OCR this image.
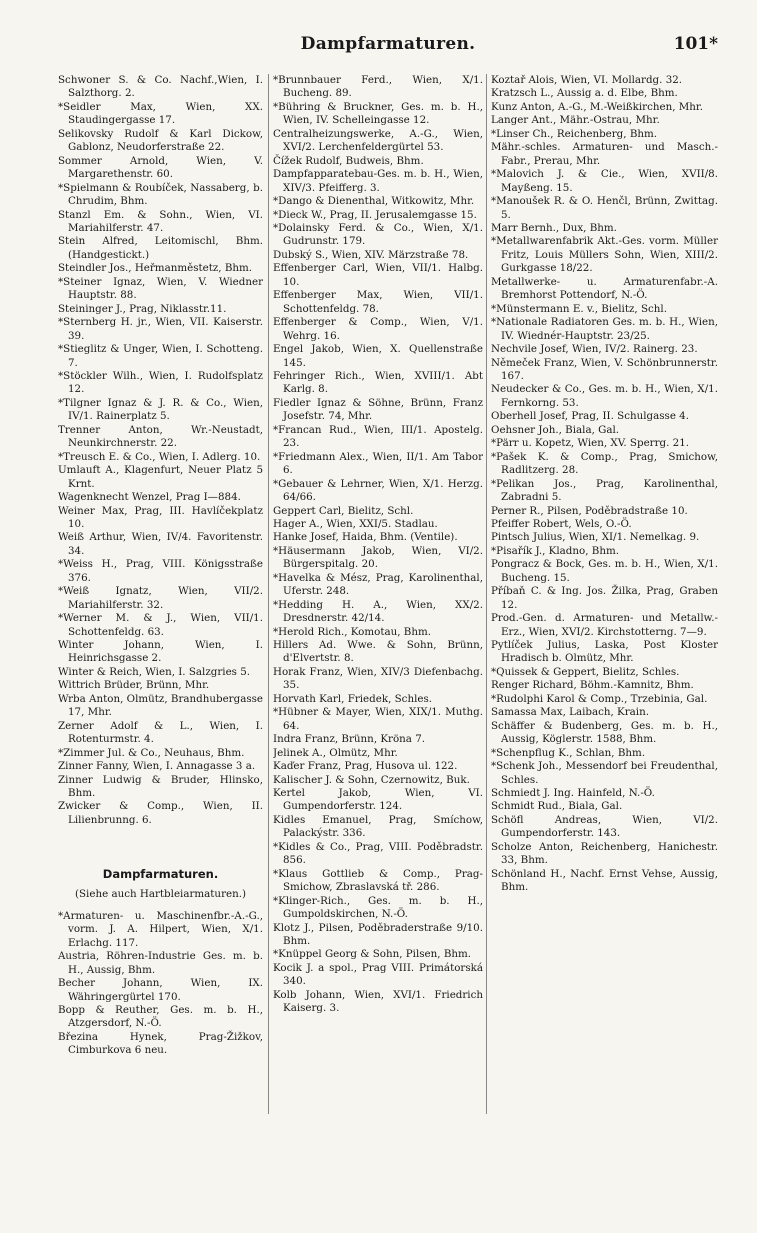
Dampfarmaturen.	101*
Schwoner S. & Co. Nachf.,Wien, I. Salzthorg. 2.
*Seidler Max, Wien, XX. Staudingergasse 17.
Selikovsky Rudolf & Karl Dickow, Gablonz, Neudorferstraße 22.
Sommer Arnold, Wien, V. Margarethenstr. 60.
*Spielmann & Roubíček, Nassaberg, b. Chrudim, Bhm.
Stanzl Em. & Sohn., Wien, VI. Mariahilferstr. 47.
Stein Alfred, Leitomischl, Bhm. (Handgestickt.)
Steindler Jos., Heřmanměstetz, Bhm.
*Steiner Ignaz, Wien, V. Wiedner Hauptstr. 88.
Steininger J., Prag, Niklasstr.11.
*Sternberg H. jr., Wien, VII. Kaiserstr. 39.
*Stieglitz & Unger, Wien, I. Schotteng. 7.
*Stöckler Wilh., Wien, I. Rudolfsplatz 12.
*Tilgner Ignaz & J. R. & Co., Wien, IV/1. Rainerplatz 5.
Trenner Anton, Wr.-Neustadt, Neunkirchnerstr. 22.
*Treusch E. & Co., Wien, I. Adlerg. 10.
Umlauft A., Klagenfurt, Neuer Platz 5 Krnt.
Wagenknecht Wenzel, Prag I—884.
Weiner Max, Prag, III. Havlíčekplatz 10.
Weiß Arthur, Wien, IV/4. Favoritenstr. 34.
*Weiss H., Prag, VIII. Königsstraße 376.
*Weiß Ignatz, Wien, VII/2. Mariahilferstr. 32.
*Werner M. & J., Wien, VII/1. Schottenfeldg. 63.
Winter Johann, Wien, I. Heinrichsgasse 2.
Winter & Reich, Wien, I. Salzgries 5.
Wittrich Brüder, Brünn, Mhr.
Wrba Anton, Olmütz, Brandhubergasse 17, Mhr.
Zerner Adolf & L., Wien, I. Rotenturmstr. 4.
*Zimmer Jul. & Co., Neuhaus, Bhm.
Zinner Fanny, Wien, I. Annagasse 3 a.
Zinner Ludwig & Bruder, Hlinsko, Bhm.
Zwicker & Comp., Wien, II. Lilienbrunng. 6.
Dampfarmaturen.
(Siehe auch Hartbleiarmaturen.)
*Armaturen- u. Maschinenfbr.-A.-G., vorm. J. A. Hilpert, Wien, X/1. Erlachg. 117.
Austria, Röhren-Industrie Ges. m. b. H., Aussig, Bhm.
Becher Johann, Wien, IX. Währingergürtel 170.
Bopp & Reuther, Ges. m. b. H., Atzgersdorf, N.-Ö.
Březina Hynek, Prag-Žižkov, Cimburkova 6 neu.
*Brunnbauer Ferd., Wien, X/1. Bucheng. 89.
*Bühring & Bruckner, Ges. m. b. H., Wien, IV. Schelleingasse 12.
Centralheizungswerke, A.-G., Wien, XVI/2. Lerchenfeldergürtel 53.
Čížek Rudolf, Budweis, Bhm.
Dampfapparatebau-Ges. m. b. H., Wien, XIV/3. Pfeifferg. 3.
*Dango & Dienenthal, Witkowitz, Mhr.
*Dieck W., Prag, II. Jerusalemgasse 15.
*Dolainsky Ferd. & Co., Wien, X/1. Gudrunstr. 179.
Dubský S., Wien, XIV. Märzstraße 78.
Effenberger Carl, Wien, VII/1. Halbg. 10.
Effenberger Max, Wien, VII/1. Schottenfeldg. 78.
Effenberger & Comp., Wien, V/1. Wehrg. 16.
Engel Jakob, Wien, X. Quellenstraße 145.
Fehringer Rich., Wien, XVIII/1. Abt Karlg. 8.
Fiedler Ignaz & Söhne, Brünn, Franz Josefstr. 74, Mhr.
*Francan Rud., Wien, III/1. Apostelg. 23.
*Friedmann Alex., Wien, II/1. Am Tabor 6.
*Gebauer & Lehrner, Wien, X/1. Herzg. 64/66.
Geppert Carl, Bielitz, Schl.
Hager A., Wien, XXI/5. Stadlau.
Hanke Josef, Haida, Bhm. (Ventile).
*Häusermann Jakob, Wien, VI/2. Bürgerspitalg. 20.
*Havelka & Mész, Prag, Karolinenthal, Uferstr. 248.
*Hedding H. A., Wien, XX/2. Dresdnerstr. 42/14.
*Herold Rich., Komotau, Bhm.
Hillers Ad. Wwe. & Sohn, Brünn, d'Elvertstr. 8.
Horak Franz, Wien, XIV/3 Diefenbachg. 35.
Horvath Karl, Friedek, Schles.
*Hübner & Mayer, Wien, XIX/1. Muthg. 64.
Indra Franz, Brünn, Kröna 7.
Jelinek A., Olmütz, Mhr.
Kaďer Franz, Prag, Husova ul. 122.
Kalischer J. & Sohn, Czernowitz, Buk.
Kertel Jakob, Wien, VI. Gumpendorferstr. 124.
Kidles Emanuel, Prag, Smíchow, Palackýstr. 336.
*Kidles & Co., Prag, VIII. Poděbradstr. 856.
*Klaus Gottlieb & Comp., Prag-Smichow, Zbraslavská tř. 286.
*Klinger-Rich., Ges. m. b. H., Gumpoldskirchen, N.-Ö.
Klotz J., Pilsen, Poděbraderstraße 9/10. Bhm.
*Knüppel Georg & Sohn, Pilsen, Bhm.
Kocik J. a spol., Prag VIII. Primátorská 340.
Kolb Johann, Wien, XVI/1. Friedrich Kaiserg. 3.
Koztař Alois, Wien, VI. Mollardg. 32.
Kratzsch L., Aussig a. d. Elbe, Bhm.
Kunz Anton, A.-G., M.-Weißkirchen, Mhr.
Langer Ant., Mähr.-Ostrau, Mhr.
*Linser Ch., Reichenberg, Bhm.
Mähr.-schles. Armaturen- und Masch.-Fabr., Prerau, Mhr.
*Malovich J. & Cie., Wien, XVII/8. Mayßeng. 15.
*Manoušek R. & O. Henčl, Brünn, Zwittag. 5.
Marr Bernh., Dux, Bhm.
*Metallwarenfabrik Akt.-Ges. vorm. Müller Fritz, Louis Müllers Sohn, Wien, XIII/2. Gurkgasse 18/22.
Metallwerke- u. Armaturenfabr.-A. Bremhorst Pottendorf, N.-Ö.
*Münstermann E. v., Bielitz, Schl.
*Nationale Radiatoren Ges. m. b. H., Wien, IV. Wiednér-Hauptstr. 23/25.
Nechvile Josef, Wien, IV/2. Rainerg. 23.
Němeček Franz, Wien, V. Schönbrunnerstr. 167.
Neudecker & Co., Ges. m. b. H., Wien, X/1. Fernkorng. 53.
Oberhell Josef, Prag, II. Schulgasse 4.
Oehsner Joh., Biala, Gal.
*Pärr u. Kopetz, Wien, XV. Sperrg. 21.
*Pašek K. & Comp., Prag, Smichow, Radlitzerg. 28.
*Pelikan Jos., Prag, Karolinenthal, Zabradni 5.
Perner R., Pilsen, Poděbradstraße 10.
Pfeiffer Robert, Wels, O.-Ö.
Pintsch Julius, Wien, XI/1. Nemelkag. 9.
*Pisařík J., Kladno, Bhm.
Pongracz & Bock, Ges. m. b. H., Wien, X/1. Bucheng. 15.
Příbaň C. & Ing. Jos. Žilka, Prag, Graben 12.
Prod.-Gen. d. Armaturen- und Metallw.-Erz., Wien, XVI/2. Kirchstotterng. 7—9.
Pytlíček Julius, Laska, Post Kloster Hradisch b. Olmütz, Mhr.
*Quissek & Geppert, Bielitz, Schles.
Renger Richard, Böhm.-Kamnitz, Bhm.
*Rudolphi Karol & Comp., Trzebinia, Gal.
Samassa Max, Laibach, Krain.
Schäffer & Budenberg, Ges. m. b. H., Aussig, Köglerstr. 1588, Bhm.
*Schenpflug K., Schlan, Bhm.
*Schenk Joh., Messendorf bei Freudenthal, Schles.
Schmiedt J. Ing. Hainfeld, N.-Ö.
Schmidt Rud., Biala, Gal.
Schöfl Andreas, Wien, VI/2. Gumpendorferstr. 143.
Scholze Anton, Reichenberg, Hanichestr. 33, Bhm.
Schönland H., Nachf. Ernst Vehse, Aussig, Bhm.
